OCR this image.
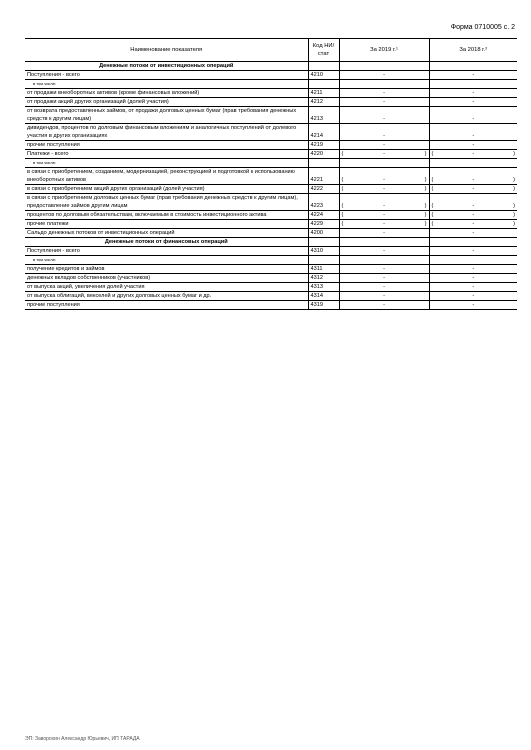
Форма 0710005 с. 2
Наименование показателя	Код НИ/ стат	За 2019 г.¹	За 2018 г.²
Денежные потоки от инвестиционных операций			
Поступления - всего	4210	-	-
в том числе:			
от продажи внеоборотных активов (кроме финансовых вложений)	4211	-	-
от продажи акций других организаций (долей участия)	4212	-	-
от возврата предоставленных займов, от продажи долговых ценных бумаг (прав требования денежных средств к другим лицам)	4213	-	-
дивидендов, процентов по долговым финансовым вложениям и аналогичных поступлений от долевого участия в других организациях	4214	-	-
прочие поступления	4219	-	-
Платежи - всего	4220	( - )	( - )

в том числе:			
в связи с приобретением, созданием, модернизацией, реконструкцией и подготовкой к использованию внеоборотных активов	4221	( - )	( - )

в связи с приобретением акций других организаций (долей участия)	4222	( - )	( - )

в связи с приобретением долговых ценных бумаг (прав требования денежных средств к другим лицам), предоставление займов другим лицам	4223	( - )	( - )

процентов по долговым обязательствам, включаемым в стоимость инвестиционного актива	4224	( - )	( - )

прочие платежи	4229	( - )	( - )

Сальдо денежных потоков от инвестиционных операций	4200	-	-
Денежные потоки от финансовых операций			
Поступления - всего	4310	-	-
в том числе:			
получение кредитов и займов	4311	-	-
денежных вкладов собственников (участников)	4312	-	-
от выпуска акций, увеличения долей участия	4313	-	-
от выпуска облигаций, векселей и других долговых ценных бумаг и др.	4314	-	-
прочие поступления	4319	-	-
ЭП: Заворохин Александр Юрьевич, ИП ТАРАДА
